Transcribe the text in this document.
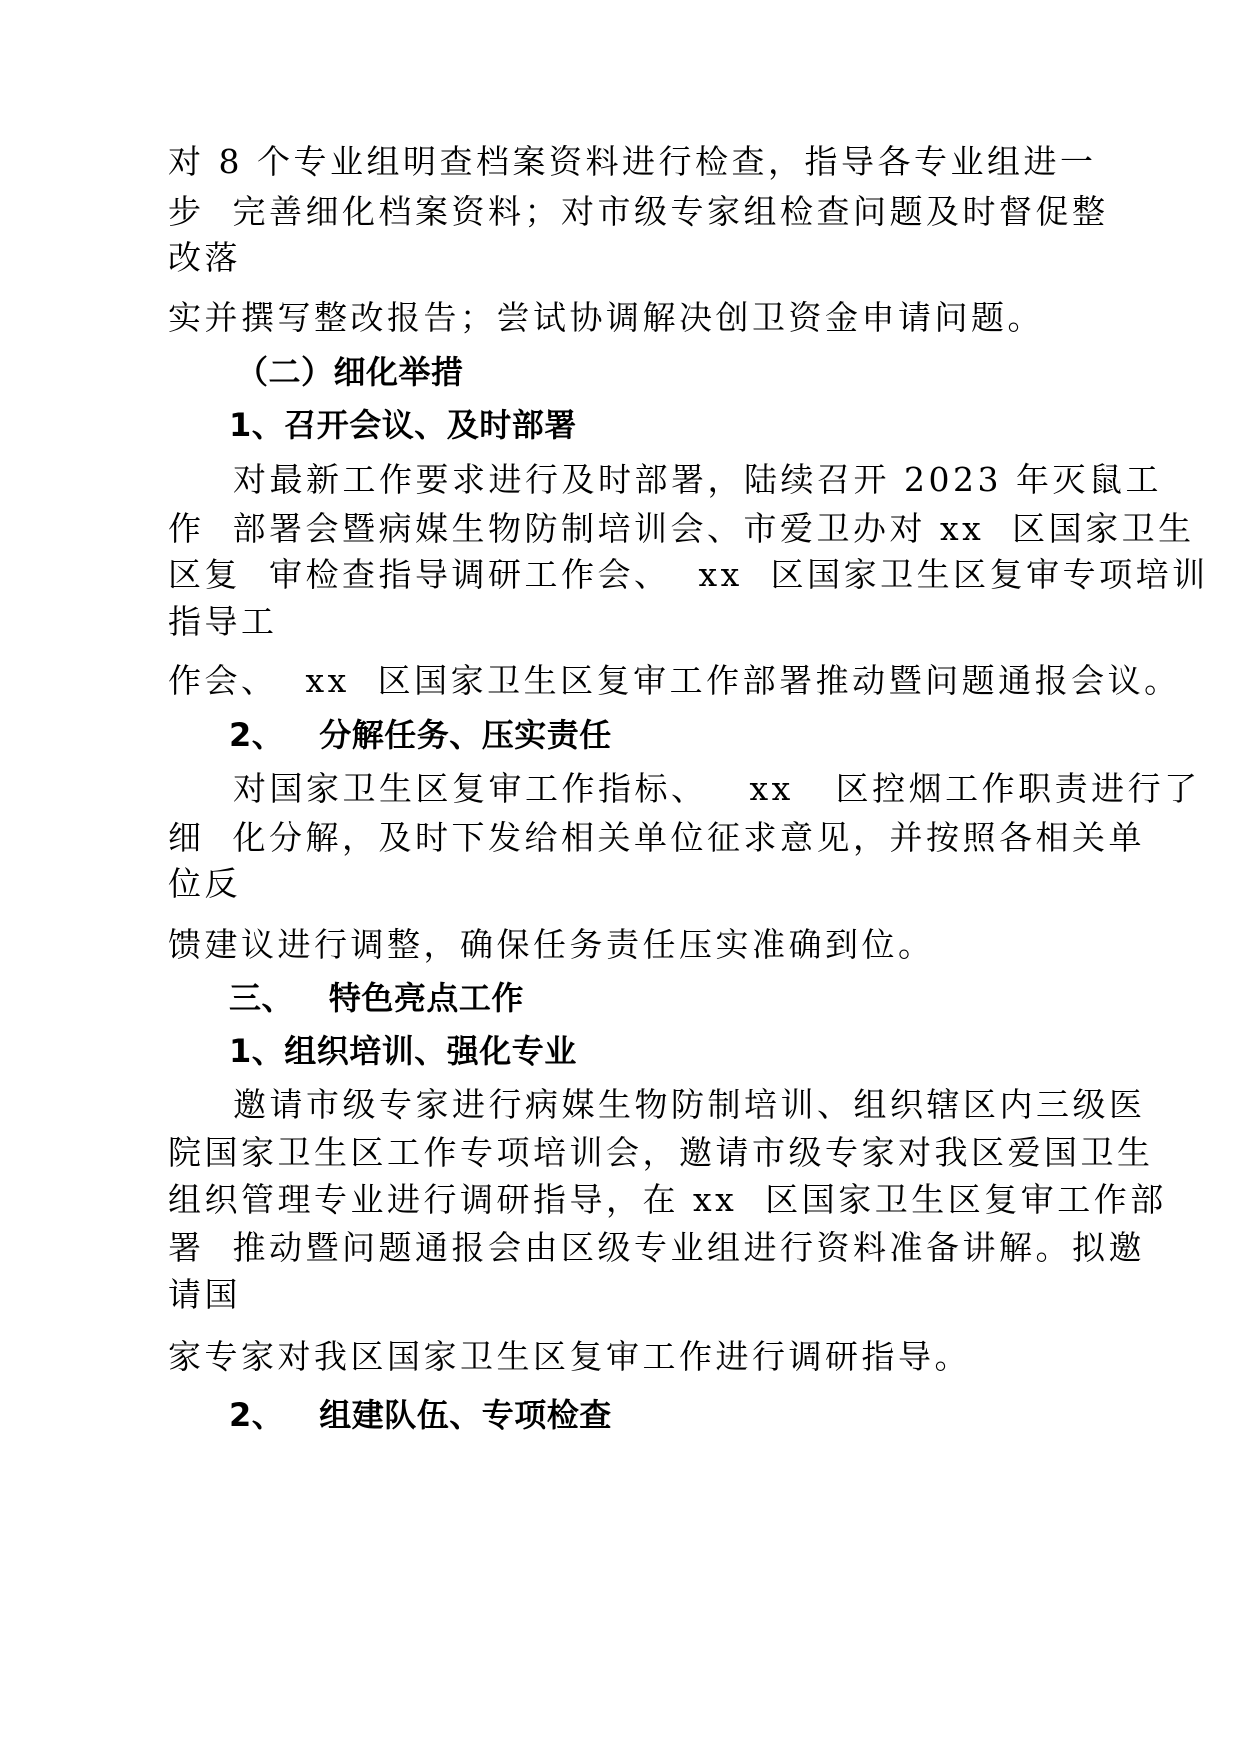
对 8 个专业组明查档案资料进行检查，指导各专业组进一

步  完善细化档案资料；对市级专家组检查问题及时督促整

改落

实并撰写整改报告；尝试协调解决创卫资金申请问题。

（二）细化举措

1、召开会议、及时部署

对最新工作要求进行及时部署，陆续召开 2023 年灭鼠工

作  部署会暨病媒生物防制培训会、市爱卫办对 xx  区国家卫生

区复  审检查指导调研工作会、  xx  区国家卫生区复审专项培训

指导工

作会、  xx  区国家卫生区复审工作部署推动暨问题通报会议。

2、   分解任务、压实责任

对国家卫生区复审工作指标、   xx   区控烟工作职责进行了

细  化分解，及时下发给相关单位征求意见，并按照各相关单

位反

馈建议进行调整，确保任务责任压实准确到位。

三、   特色亮点工作

1、组织培训、强化专业

邀请市级专家进行病媒生物防制培训、组织辖区内三级医

院国家卫生区工作专项培训会，邀请市级专家对我区爱国卫生

组织管理专业进行调研指导，在 xx  区国家卫生区复审工作部

署  推动暨问题通报会由区级专业组进行资料准备讲解。拟邀

请国

家专家对我区国家卫生区复审工作进行调研指导。

2、   组建队伍、专项检查
